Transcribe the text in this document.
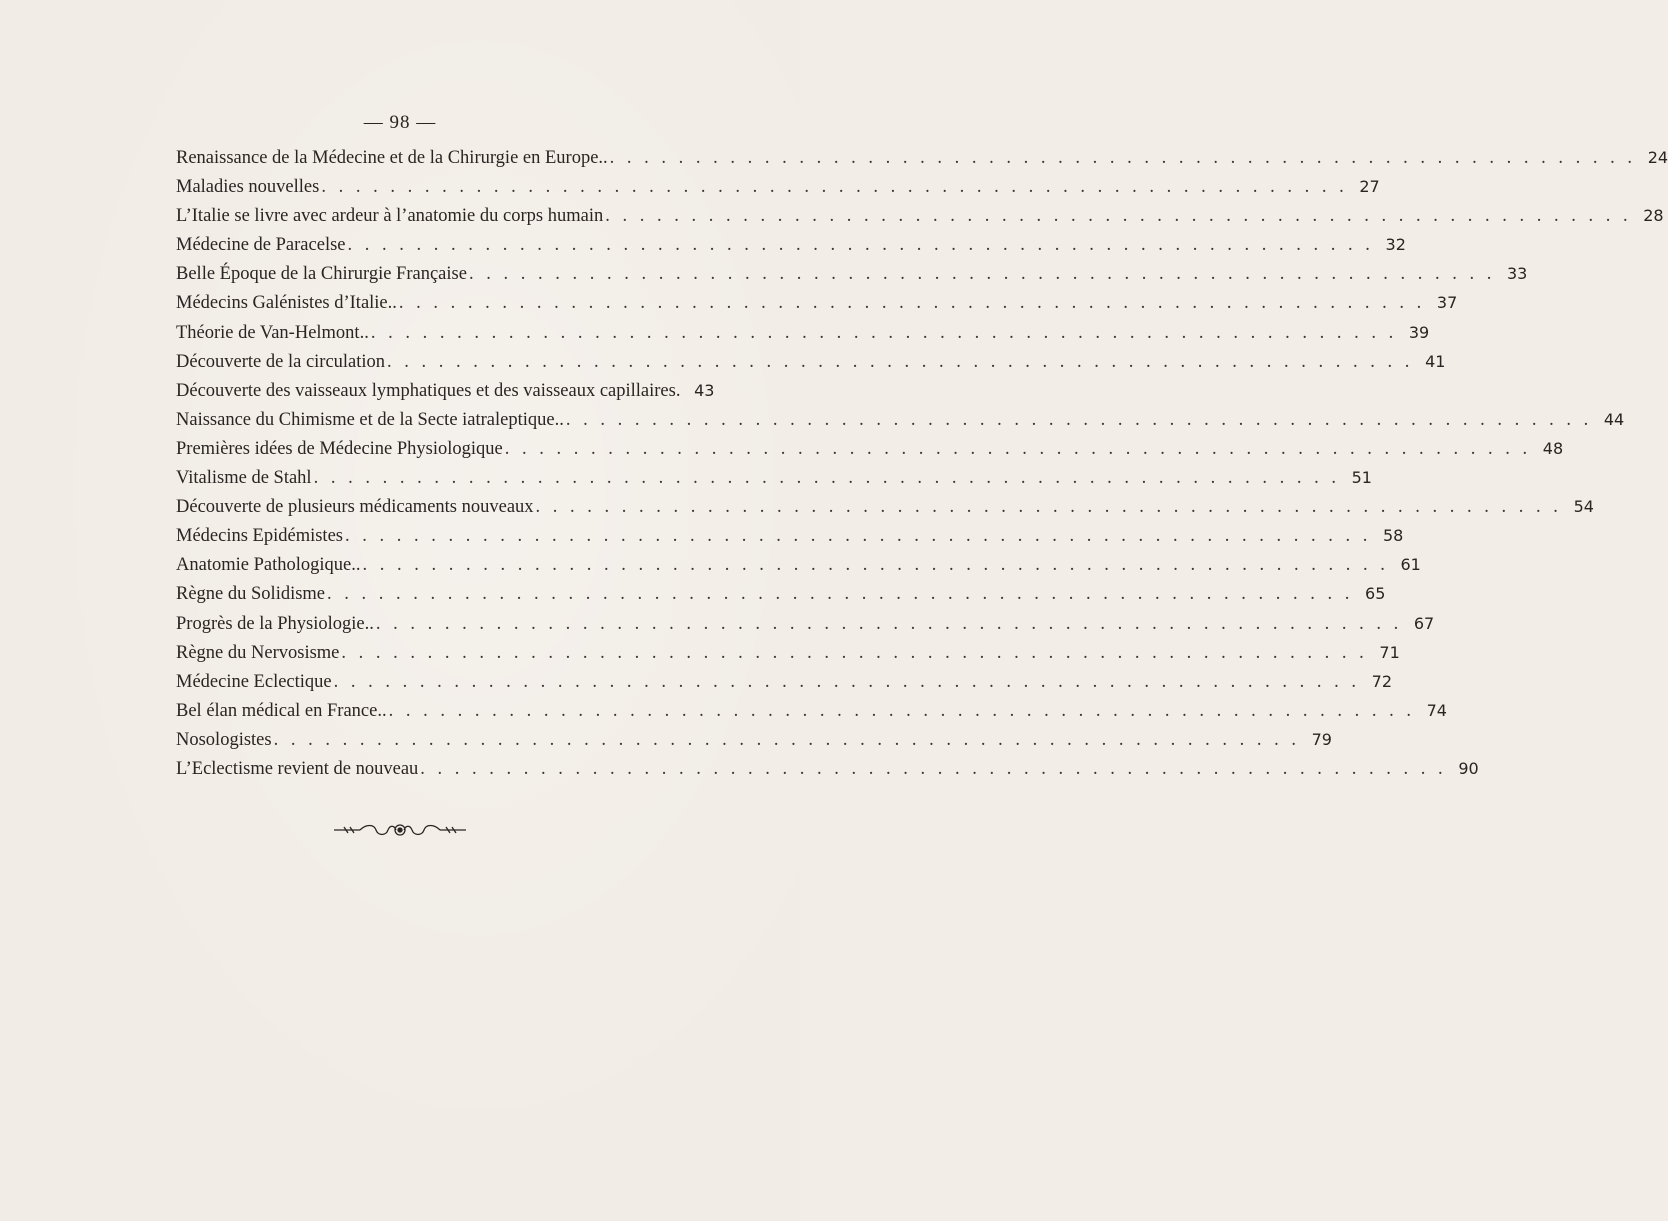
— 98 —
Renaissance de la Médecine et de la Chirurgie en Europe.. . . . . . . . . . . . . . . . . . . . . . . . . . . . . . . . . . . . . . . . . . . . . . . . . . . . . . . . . . . . . 24
Maladies nouvelles . . . . . . . . . . . . . . . . . . . . . . . . . . . . . . . . . . . . . . . . . . . . . . . . . . . . . . . . . . . . 27
L’Italie se livre avec ardeur à l’anatomie du corps humain . . . . . . . . . . . . . . . . . . . . . . . . . . . . . . . . . . . . . . . . . . . . . . . . . . . . . . . . . . . . 28
Médecine de Paracelse . . . . . . . . . . . . . . . . . . . . . . . . . . . . . . . . . . . . . . . . . . . . . . . . . . . . . . . . . . . . 32
Belle Époque de la Chirurgie Française . . . . . . . . . . . . . . . . . . . . . . . . . . . . . . . . . . . . . . . . . . . . . . . . . . . . . . . . . . . . 33
Médecins Galénistes d’Italie.. . . . . . . . . . . . . . . . . . . . . . . . . . . . . . . . . . . . . . . . . . . . . . . . . . . . . . . . . . . . . 37
Théorie de Van-Helmont.. . . . . . . . . . . . . . . . . . . . . . . . . . . . . . . . . . . . . . . . . . . . . . . . . . . . . . . . . . . . . 39
Découverte de la circulation . . . . . . . . . . . . . . . . . . . . . . . . . . . . . . . . . . . . . . . . . . . . . . . . . . . . . . . . . . . . 41
Découverte des vaisseaux lymphatiques et des vaisseaux capillaires. 43
Naissance du Chimisme et de la Secte iatraleptique.. . . . . . . . . . . . . . . . . . . . . . . . . . . . . . . . . . . . . . . . . . . . . . . . . . . . . . . . . . . . . 44
Premières idées de Médecine Physiologique . . . . . . . . . . . . . . . . . . . . . . . . . . . . . . . . . . . . . . . . . . . . . . . . . . . . . . . . . . . . 48
Vitalisme de Stahl . . . . . . . . . . . . . . . . . . . . . . . . . . . . . . . . . . . . . . . . . . . . . . . . . . . . . . . . . . . . 51
Découverte de plusieurs médicaments nouveaux . . . . . . . . . . . . . . . . . . . . . . . . . . . . . . . . . . . . . . . . . . . . . . . . . . . . . . . . . . . . 54
Médecins Epidémistes . . . . . . . . . . . . . . . . . . . . . . . . . . . . . . . . . . . . . . . . . . . . . . . . . . . . . . . . . . . . 58
Anatomie Pathologique.. . . . . . . . . . . . . . . . . . . . . . . . . . . . . . . . . . . . . . . . . . . . . . . . . . . . . . . . . . . . . 61
Règne du Solidisme . . . . . . . . . . . . . . . . . . . . . . . . . . . . . . . . . . . . . . . . . . . . . . . . . . . . . . . . . . . . 65
Progrès de la Physiologie.. . . . . . . . . . . . . . . . . . . . . . . . . . . . . . . . . . . . . . . . . . . . . . . . . . . . . . . . . . . . . 67
Règne du Nervosisme . . . . . . . . . . . . . . . . . . . . . . . . . . . . . . . . . . . . . . . . . . . . . . . . . . . . . . . . . . . . 71
Médecine Eclectique . . . . . . . . . . . . . . . . . . . . . . . . . . . . . . . . . . . . . . . . . . . . . . . . . . . . . . . . . . . . 72
Bel élan médical en France.. . . . . . . . . . . . . . . . . . . . . . . . . . . . . . . . . . . . . . . . . . . . . . . . . . . . . . . . . . . . . 74
Nosologistes . . . . . . . . . . . . . . . . . . . . . . . . . . . . . . . . . . . . . . . . . . . . . . . . . . . . . . . . . . . . 79
L’Eclectisme revient de nouveau . . . . . . . . . . . . . . . . . . . . . . . . . . . . . . . . . . . . . . . . . . . . . . . . . . . . . . . . . . . . 90
